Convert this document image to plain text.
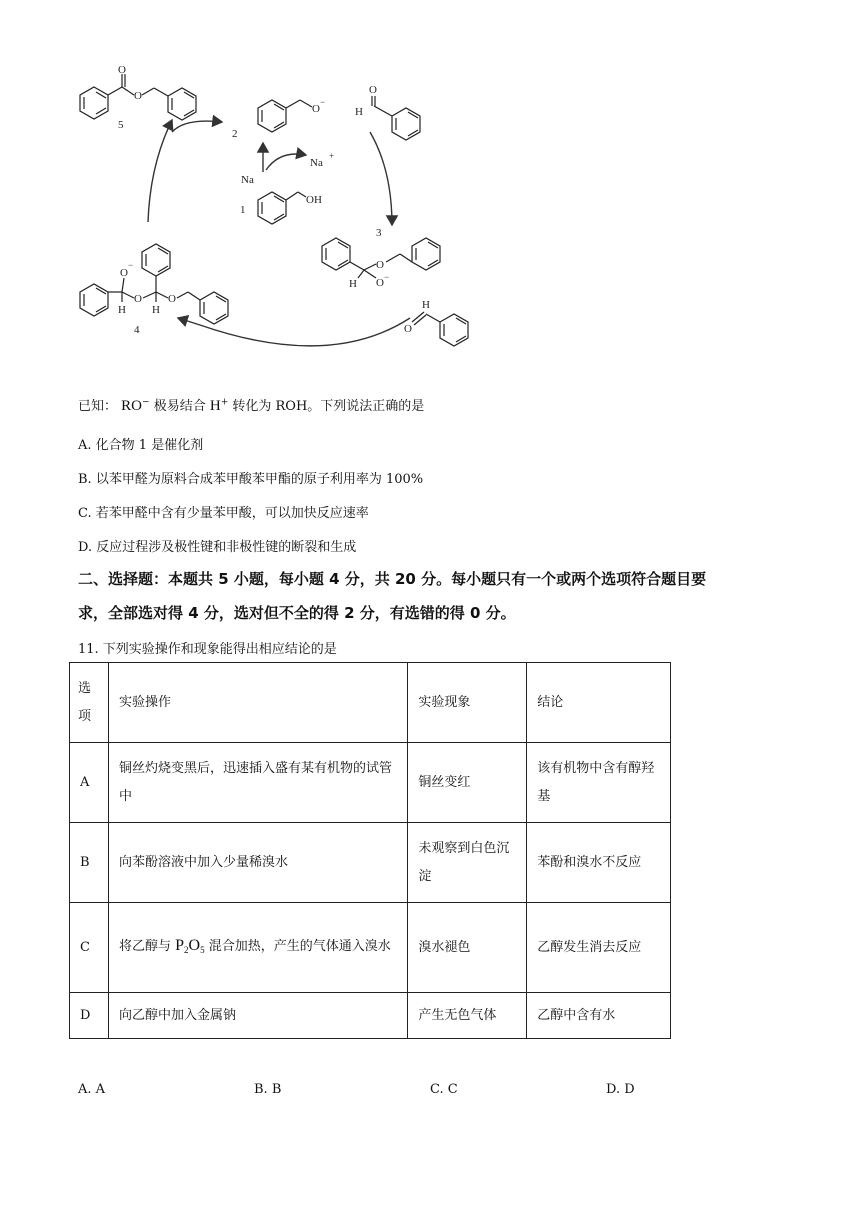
O
O
5
O
−
2
Na
Na
+
OH
1
O
H
3
H
O
O −
H
O
O
−
H
O
H
O
4
已知： RO− 极易结合 H+ 转化为 ROH。下列说法正确的是
A. 化合物 1 是催化剂
B. 以苯甲醛为原料合成苯甲酸苯甲酯的原子利用率为 100%
C. 若苯甲醛中含有少量苯甲酸，可以加快反应速率
D. 反应过程涉及极性键和非极性键的断裂和生成
二、选择题：本题共 5 小题，每小题 4 分，共 20 分。每小题只有一个或两个选项符合题目要
求，全部选对得 4 分，选对但不全的得 2 分，有选错的得 0 分。
11. 下列实验操作和现象能得出相应结论的是
选项	实验操作	实验现象	结论
A	铜丝灼烧变黑后，迅速插入盛有某有机物的试管中	铜丝变红	该有机物中含有醇羟基
B	向苯酚溶液中加入少量稀溴水	未观察到白色沉淀	苯酚和溴水不反应
C	将乙醇与 $P_2O_5$ 混合加热，产生的气体通入溴水	溴水褪色	乙醇发生消去反应
D	向乙醇中加入金属钠	产生无色气体	乙醇中含有水
A. A	B. B	C. C	D. D
